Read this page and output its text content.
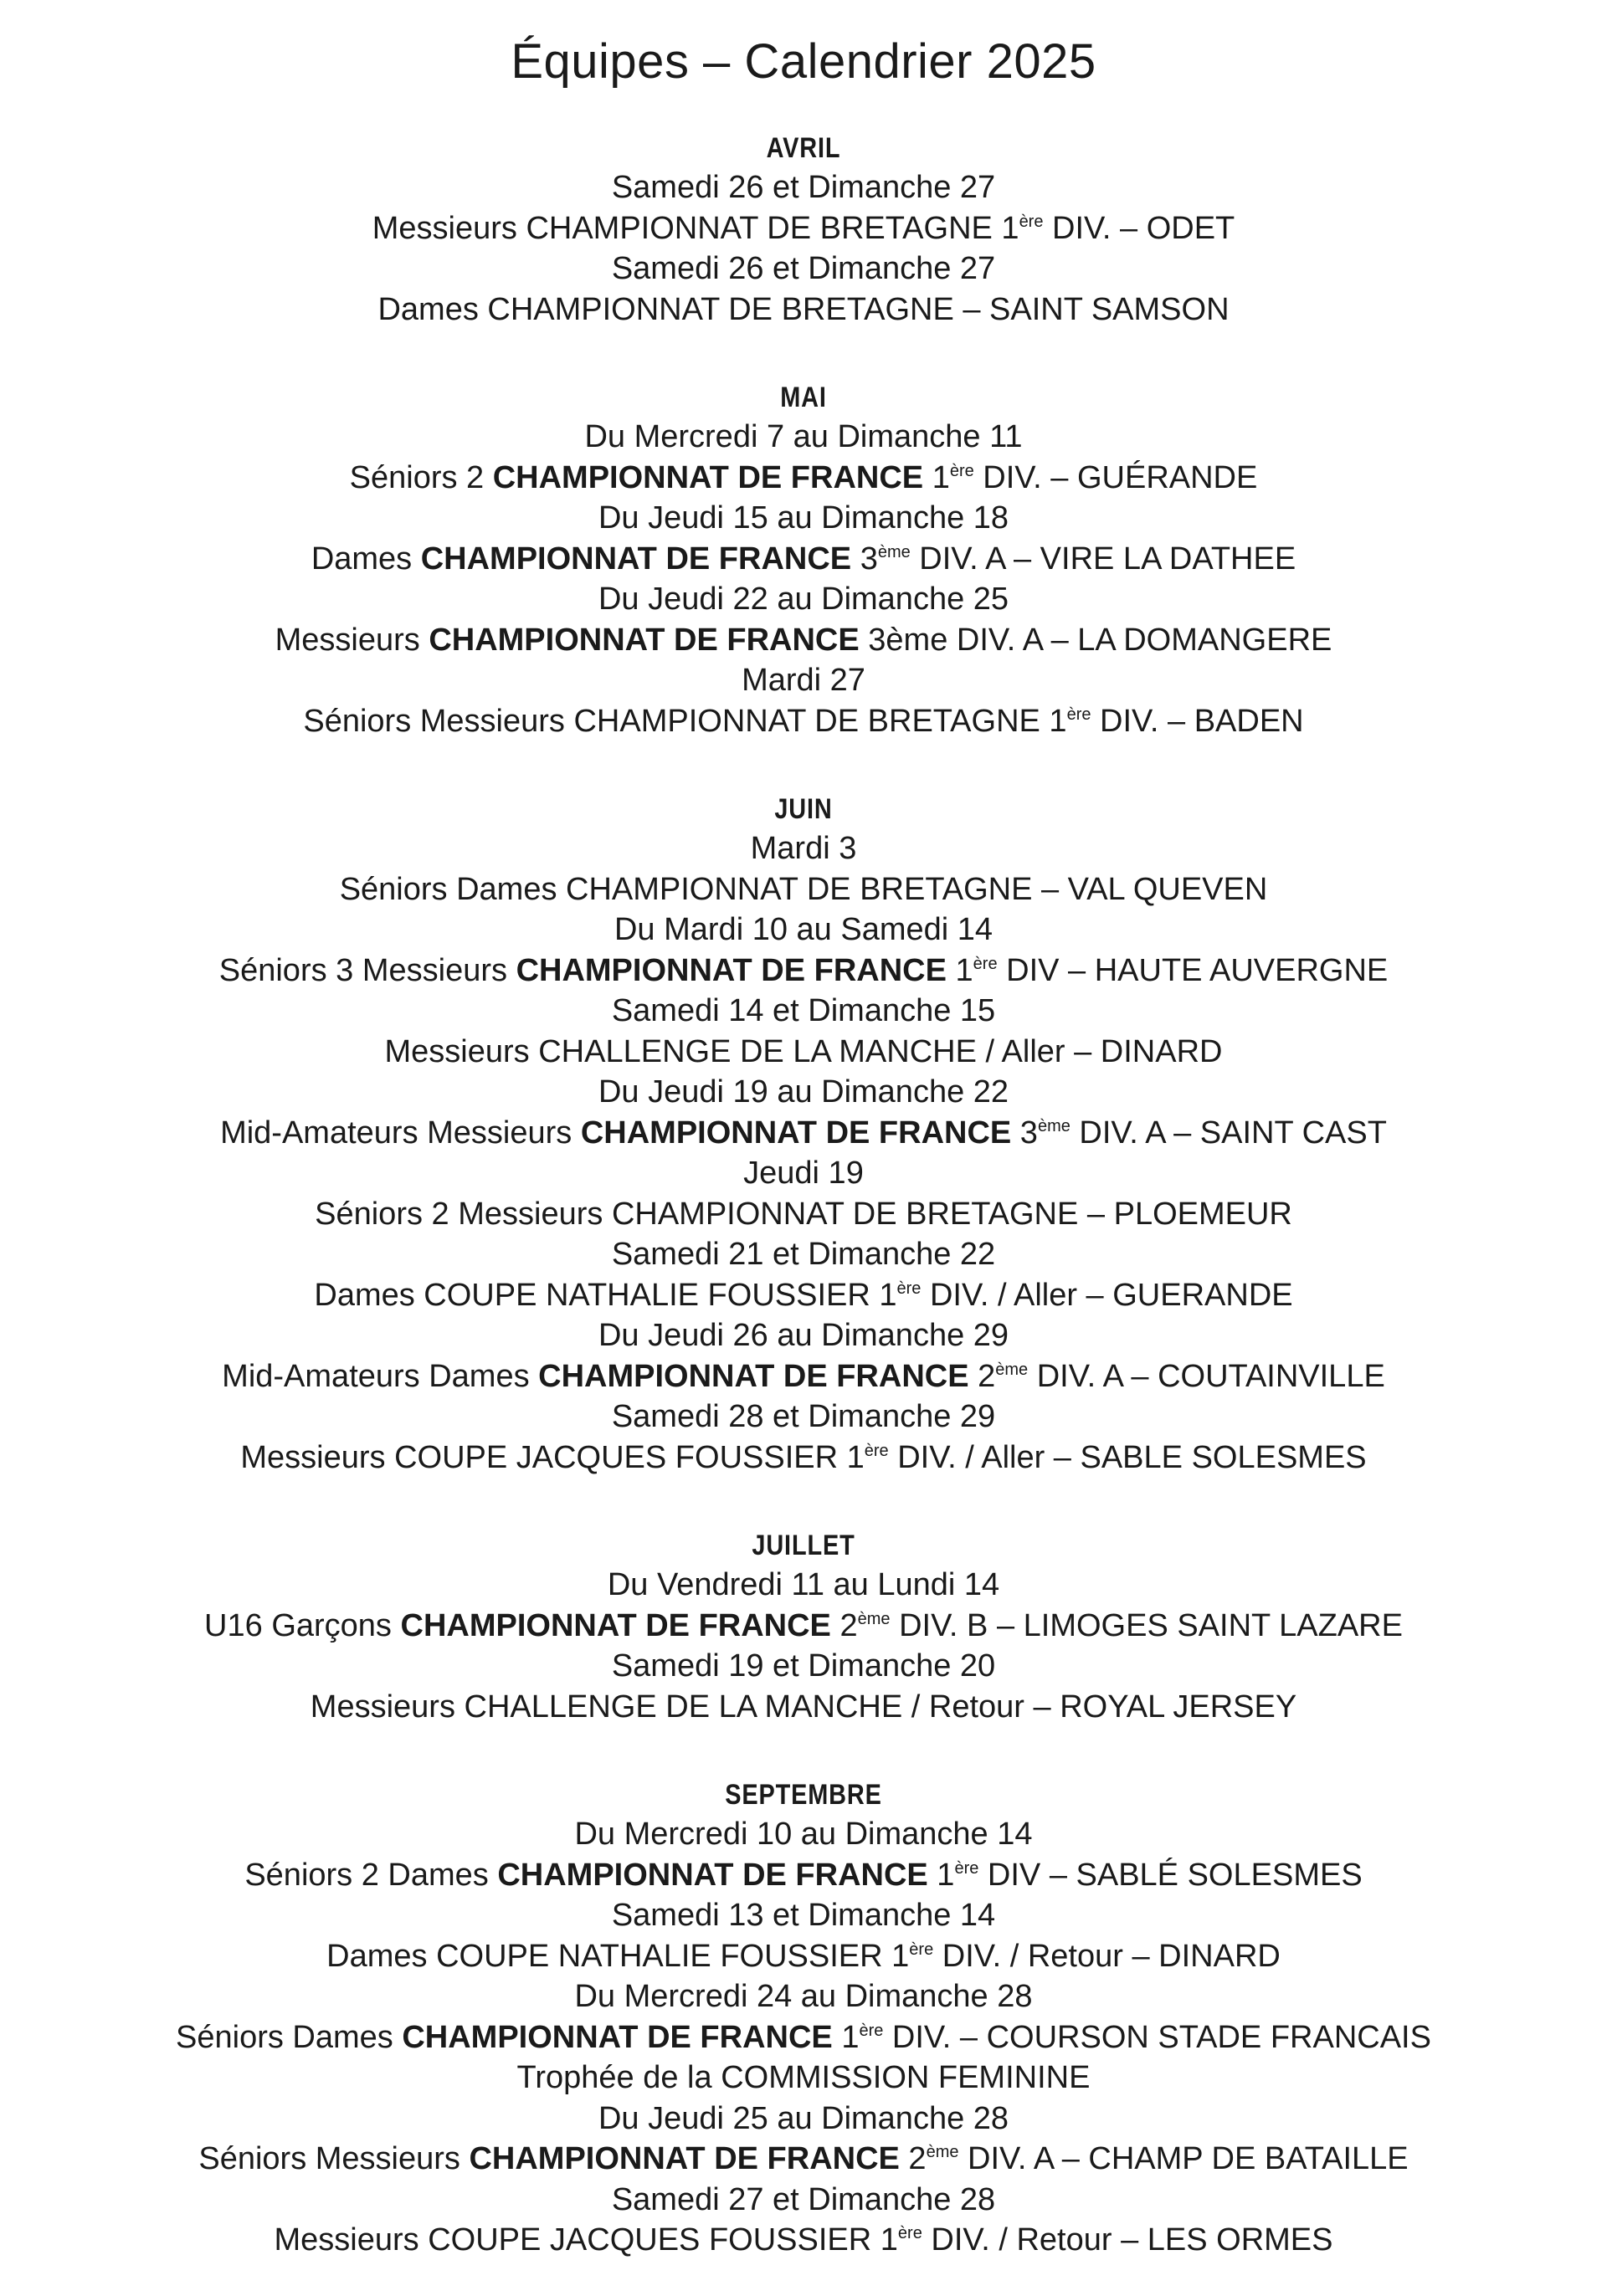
Équipes – Calendrier 2025
AVRIL
Samedi 26 et Dimanche 27
Messieurs CHAMPIONNAT DE BRETAGNE 1ère DIV. – ODET
Samedi 26 et Dimanche 27
Dames CHAMPIONNAT DE BRETAGNE – SAINT SAMSON
MAI
Du Mercredi 7 au Dimanche 11
Séniors 2 CHAMPIONNAT DE FRANCE 1ère DIV. – GUÉRANDE
Du Jeudi 15 au Dimanche 18
Dames CHAMPIONNAT DE FRANCE 3ème DIV. A – VIRE LA DATHEE
Du Jeudi 22 au Dimanche 25
Messieurs CHAMPIONNAT DE FRANCE 3ème DIV. A – LA DOMANGERE
Mardi 27
Séniors Messieurs CHAMPIONNAT DE BRETAGNE 1ère DIV. – BADEN
JUIN
Mardi 3
Séniors Dames CHAMPIONNAT DE BRETAGNE – VAL QUEVEN
Du Mardi 10 au Samedi 14
Séniors 3 Messieurs CHAMPIONNAT DE FRANCE 1ère DIV – HAUTE AUVERGNE
Samedi 14 et Dimanche 15
Messieurs CHALLENGE DE LA MANCHE / Aller – DINARD
Du Jeudi 19 au Dimanche 22
Mid-Amateurs Messieurs CHAMPIONNAT DE FRANCE 3ème DIV. A – SAINT CAST
Jeudi 19
Séniors 2 Messieurs CHAMPIONNAT DE BRETAGNE – PLOEMEUR
Samedi 21 et Dimanche 22
Dames COUPE NATHALIE FOUSSIER 1ère DIV. / Aller – GUERANDE
Du Jeudi 26 au Dimanche 29
Mid-Amateurs Dames CHAMPIONNAT DE FRANCE 2ème DIV. A – COUTAINVILLE
Samedi 28 et Dimanche 29
Messieurs COUPE JACQUES FOUSSIER 1ère DIV. / Aller – SABLE SOLESMES
JUILLET
Du Vendredi 11 au Lundi 14
U16 Garçons CHAMPIONNAT DE FRANCE 2ème DIV. B – LIMOGES SAINT LAZARE
Samedi 19 et Dimanche 20
Messieurs CHALLENGE DE LA MANCHE / Retour – ROYAL JERSEY
SEPTEMBRE
Du Mercredi 10 au Dimanche 14
Séniors 2 Dames CHAMPIONNAT DE FRANCE 1ère DIV – SABLÉ SOLESMES
Samedi 13 et Dimanche 14
Dames COUPE NATHALIE FOUSSIER 1ère DIV. / Retour – DINARD
Du Mercredi 24 au Dimanche 28
Séniors Dames CHAMPIONNAT DE FRANCE 1ère DIV. – COURSON STADE FRANCAIS
Trophée de la COMMISSION FEMININE
Du Jeudi 25 au Dimanche 28
Séniors Messieurs CHAMPIONNAT DE FRANCE 2ème DIV. A – CHAMP DE BATAILLE
Samedi 27 et Dimanche 28
Messieurs COUPE JACQUES FOUSSIER 1ère DIV. / Retour – LES ORMES
